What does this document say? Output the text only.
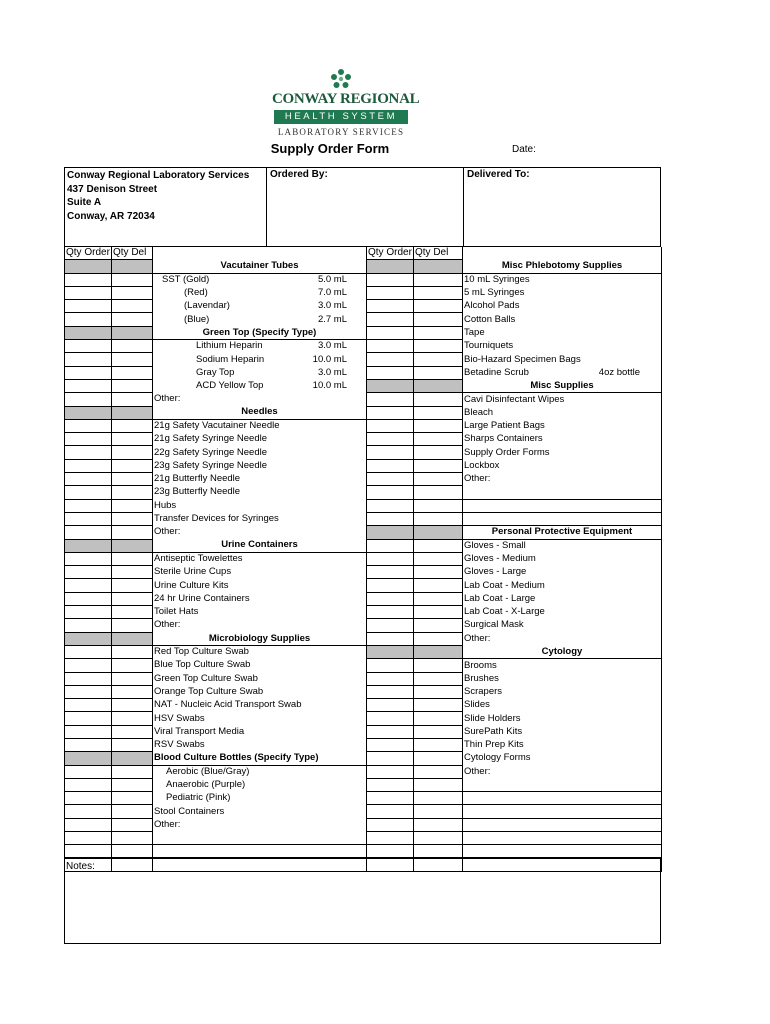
CONWAY REGIONAL
HEALTH SYSTEM
LABORATORY SERVICES
Supply Order Form	Date:
Conway Regional Laboratory Services
437 Denison Street
Suite A
Conway, AR 72034
Ordered By:	Delivered To:
Qty Order	Qty Del		Qty Order	Qty Del	
		Vacutainer Tubes			Misc Phlebotomy Supplies
		SST (Gold) 5.0 mL			10 mL Syringes
		(Red) 7.0 mL			5 mL Syringes
		(Lavendar) 3.0 mL			Alcohol Pads
		(Blue) 2.7 mL			Cotton Balls
		Green Top (Specify Type)			Tape
		Lithium Heparin 3.0 mL			Tourniquets
		Sodium Heparin 10.0 mL			Bio-Hazard Specimen Bags
		Gray Top 3.0 mL			Betadine Scrub 4oz bottle

		ACD Yellow Top 10.0 mL			Misc Supplies
		Other:			Cavi Disinfectant Wipes
		Needles			Bleach
		21g Safety Vacutainer Needle			Large Patient Bags
		21g Safety Syringe Needle			Sharps Containers
		22g Safety Syringe Needle			Supply Order Forms
		23g Safety Syringe Needle			Lockbox
		21g Butterfly Needle			Other:
		23g Butterfly Needle			
		Hubs			
		Transfer Devices for Syringes			
		Other:			Personal Protective Equipment
		Urine Containers			Gloves - Small
		Antiseptic Towelettes			Gloves - Medium
		Sterile Urine Cups			Gloves - Large
		Urine Culture Kits			Lab Coat - Medium
		24 hr Urine Containers			Lab Coat - Large
		Toilet Hats			Lab Coat - X-Large
		Other:			Surgical Mask
		Microbiology Supplies			Other:
		Red Top Culture Swab			Cytology
		Blue Top Culture Swab			Brooms
		Green Top Culture Swab			Brushes
		Orange Top Culture Swab			Scrapers
		NAT - Nucleic Acid Transport Swab			Slides
		HSV Swabs			Slide Holders
		Viral Transport Media			SurePath Kits
		RSV Swabs			Thin Prep Kits
		Blood Culture Bottles (Specify Type)			Cytology Forms
		Aerobic (Blue/Gray)			Other:
		Anaerobic (Purple)			
		Pediatric (Pink)			
		Stool Containers			
		Other:			

Notes:
